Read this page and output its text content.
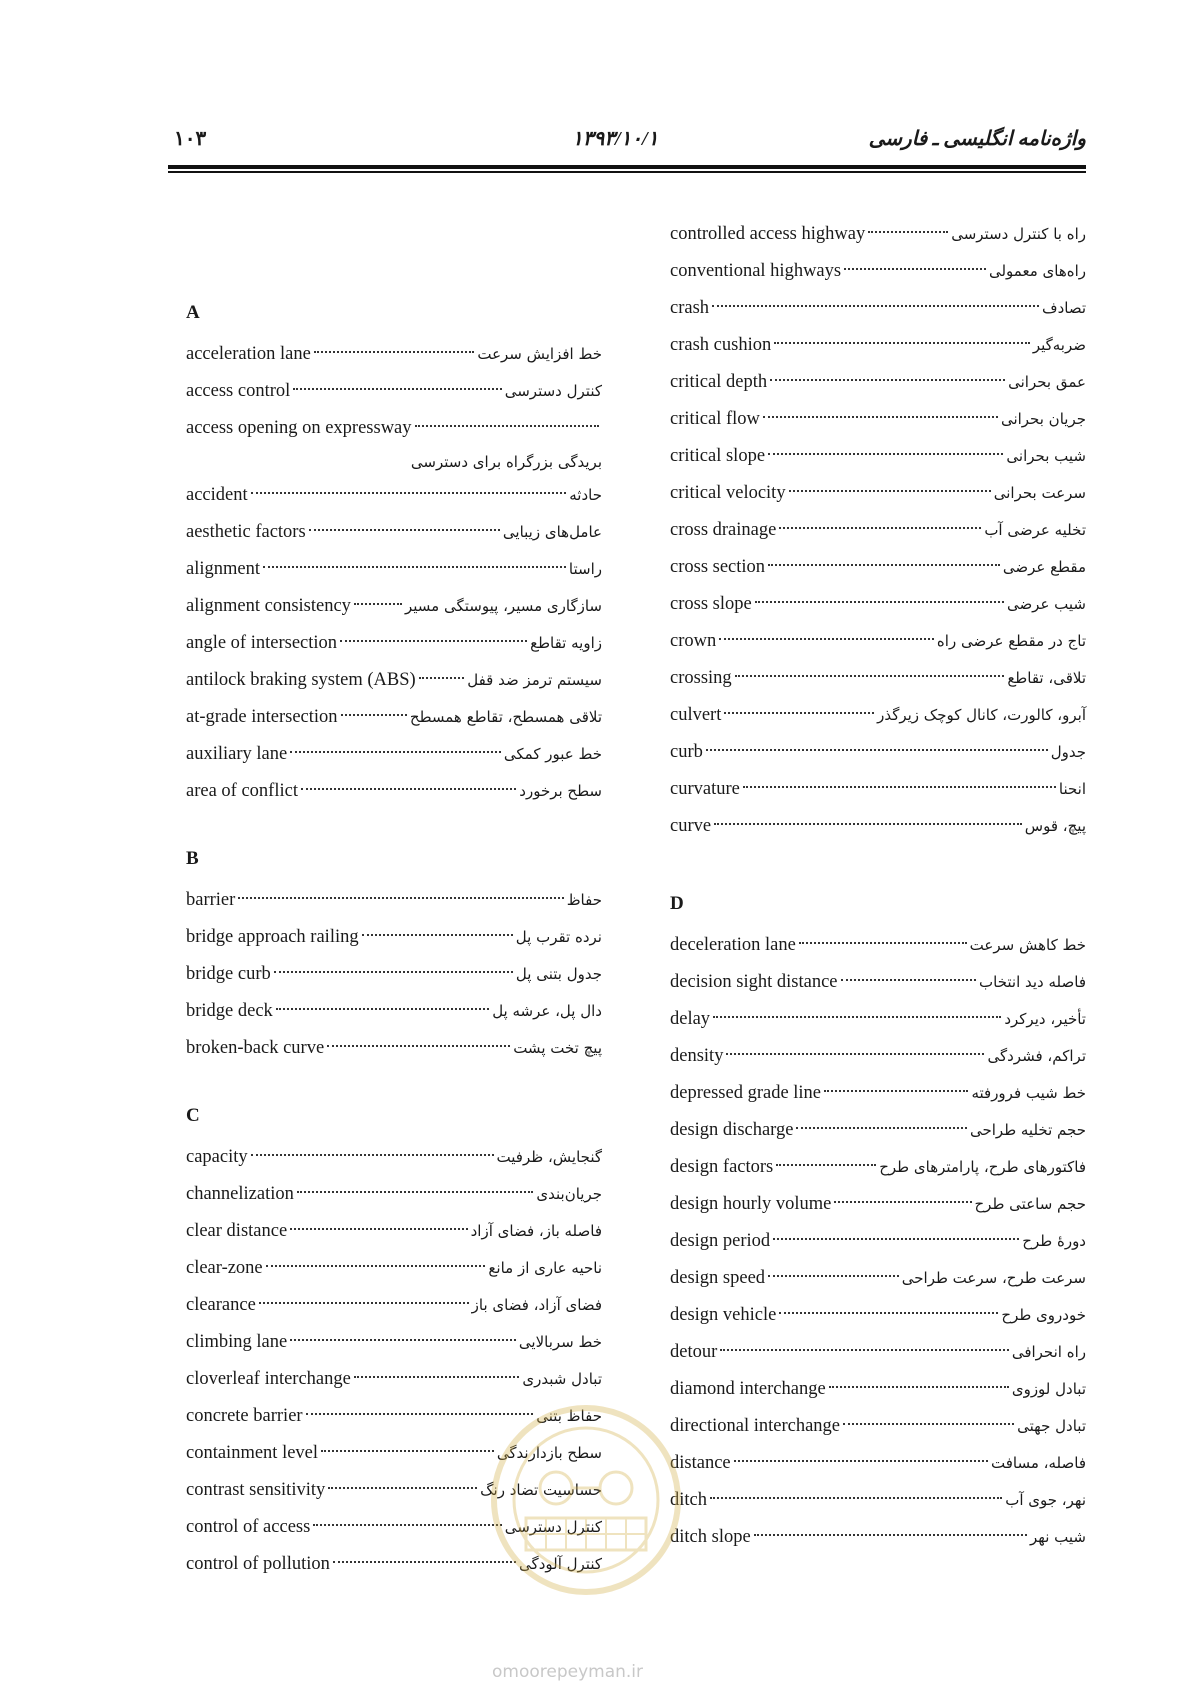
واژه‌نامه انگلیسی ـ فارسی
۱۳۹۳/۱۰/۱
۱۰۳
A
acceleration lane	خط افزایش سرعت
access control	کنترل دسترسی
access opening on expressway
بریدگی بزرگراه برای دسترسی
accident	حادثه
aesthetic factors	عامل‌های زیبایی
alignment	راستا
alignment consistency	سازگاری مسیر، پیوستگی مسیر
angle of intersection	زاویه تقاطع
antilock braking system (ABS)	سیستم ترمز ضد قفل
at-grade intersection	تلاقی همسطح، تقاطع همسطح
auxiliary lane	خط عبور کمکی
area of conflict	سطح برخورد
B
barrier	حفاظ
bridge approach railing	نرده تقرب پل
bridge curb	جدول بتنی پل
bridge deck	دال پل، عرشه پل
broken-back curve	پیچ تخت پشت
C
capacity	گنجایش، ظرفیت
channelization	جریان‌بندی
clear distance	فاصله باز، فضای آزاد
clear-zone	ناحیه عاری از مانع
clearance	فضای آزاد، فضای باز
climbing lane	خط سربالایی
cloverleaf interchange	تبادل شبدری
concrete barrier	حفاظ بتنی
containment level	سطح بازدارندگی
contrast sensitivity	حساسیت تضاد رنگ
control of access	کنترل دسترسی
control of pollution	کنترل آلودگی
controlled access highway	راه با کنترل دسترسی
conventional highways	راه‌های معمولی
crash	تصادف
crash cushion	ضربه‌گیر
critical depth	عمق بحرانی
critical flow	جریان بحرانی
critical slope	شیب بحرانی
critical velocity	سرعت بحرانی
cross drainage	تخلیه عرضی آب
cross section	مقطع عرضی
cross slope	شیب عرضی
crown	تاج در مقطع عرضی راه
crossing	تلاقی، تقاطع
culvert	آبرو، کالورت، کانال کوچک زیرگذر
curb	جدول
curvature	انحنا
curve	پیچ، قوس
D
deceleration lane	خط کاهش سرعت
decision sight distance	فاصله دید انتخاب
delay	تأخیر، دیرکرد
density	تراکم، فشردگی
depressed grade line	خط شیب فرورفته
design discharge	حجم تخلیه طراحی
design factors	فاکتورهای طرح، پارامترهای طرح
design hourly volume	حجم ساعتی طرح
design period	دورهٔ طرح
design speed	سرعت طرح، سرعت طراحی
design vehicle	خودروی طرح
detour	راه انحرافی
diamond interchange	تبادل لوزوی
directional interchange	تبادل جهتی
distance	فاصله، مسافت
ditch	نهر، جوی آب
ditch slope	شیب نهر
omoorepeyman.ir
